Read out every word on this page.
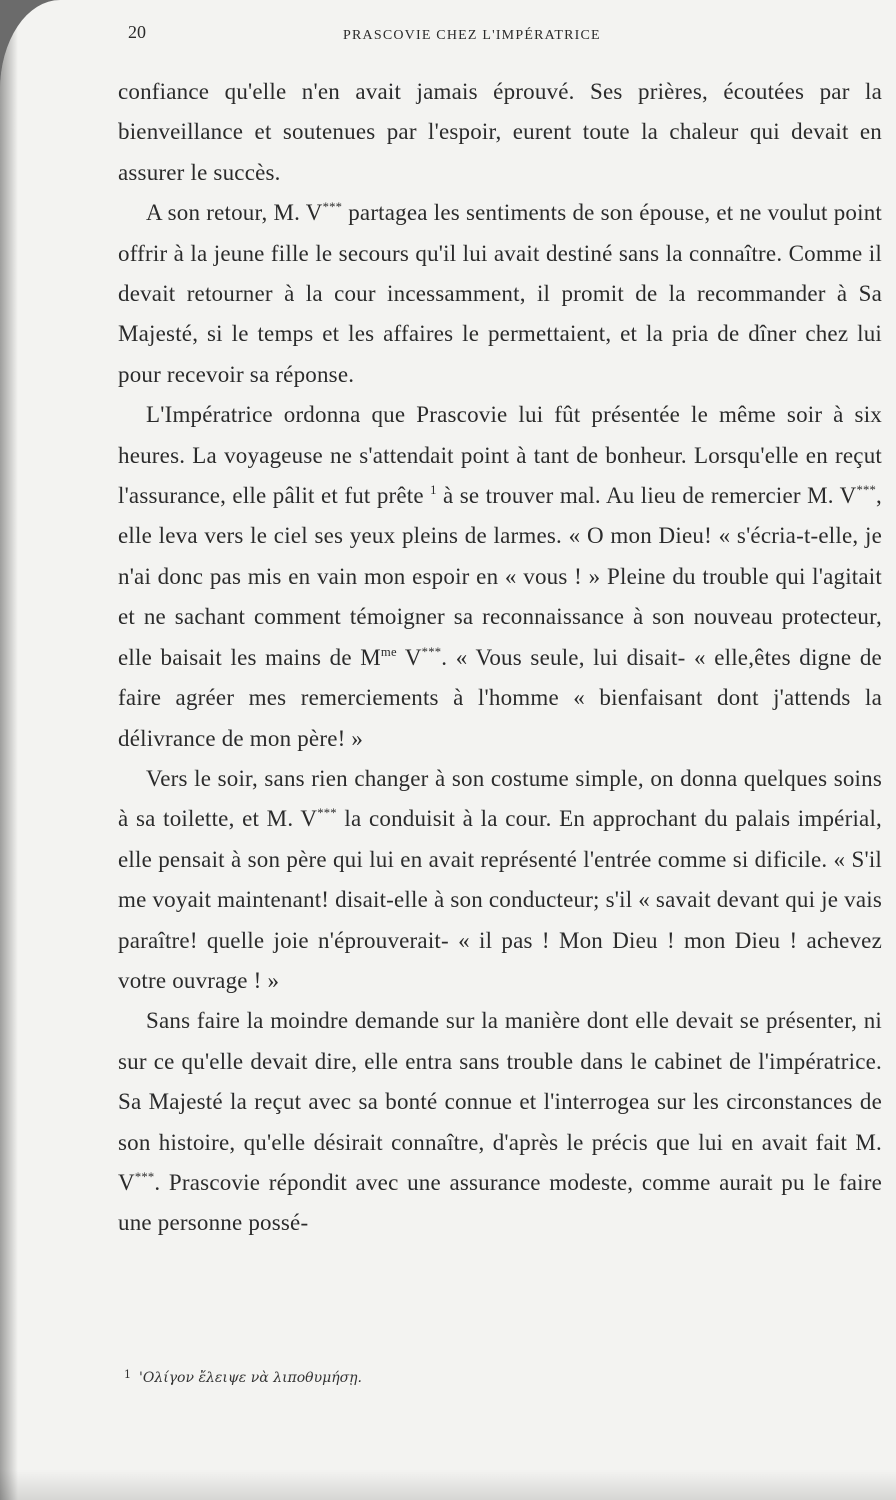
20	PRASCOVIE CHEZ L'IMPÉRATRICE

confiance qu'elle n'en avait jamais éprouvé. Ses prières, écoutées par la bienveillance et soutenues par l'espoir, eurent toute la chaleur qui devait en assurer le succès.

A son retour, M. V*** partagea les sentiments de son épouse, et ne voulut point offrir à la jeune fille le secours qu'il lui avait destiné sans la connaître. Comme il devait retourner à la cour incessamment, il promit de la recommander à Sa Majesté, si le temps et les affaires le permettaient, et la pria de dîner chez lui pour recevoir sa réponse.

L'Impératrice ordonna que Prascovie lui fût présentée le même soir à six heures. La voyageuse ne s'attendait point à tant de bonheur. Lorsqu'elle en reçut l'assurance, elle pâlit et fut prête $^1$ à se trouver mal. Au lieu de remercier M. V***, elle leva vers le ciel ses yeux pleins de larmes. « O mon Dieu! « s'écria-t-elle, je n'ai donc pas mis en vain mon espoir en « vous ! » Pleine du trouble qui l'agitait et ne sachant comment témoigner sa reconnaissance à son nouveau protecteur, elle baisait les mains de $M^{me}$ V***. « Vous seule, lui disait- « elle,êtes digne de faire agréer mes remerciements à l'homme « bienfaisant dont j'attends la délivrance de mon père! »

Vers le soir, sans rien changer à son costume simple, on donna quelques soins à sa toilette, et M. V*** la conduisit à la cour. En approchant du palais impérial, elle pensait à son père qui lui en avait représenté l'entrée comme si dificile. « S'il me voyait maintenant! disait-elle à son conducteur; s'il « savait devant qui je vais paraître! quelle joie n'éprouverait- « il pas ! Mon Dieu ! mon Dieu ! achevez votre ouvrage ! »

Sans faire la moindre demande sur la manière dont elle devait se présenter, ni sur ce qu'elle devait dire, elle entra sans trouble dans le cabinet de l'impératrice. Sa Majesté la reçut avec sa bonté connue et l'interrogea sur les circonstances de son histoire, qu'elle désirait connaître, d'après le précis que lui en avait fait M. V***. Prascovie répondit avec une assurance modeste, comme aurait pu le faire une personne possé-

$^1$ 'Ολίγον ἔλειψε νὰ λιποθυμήσῃ.
